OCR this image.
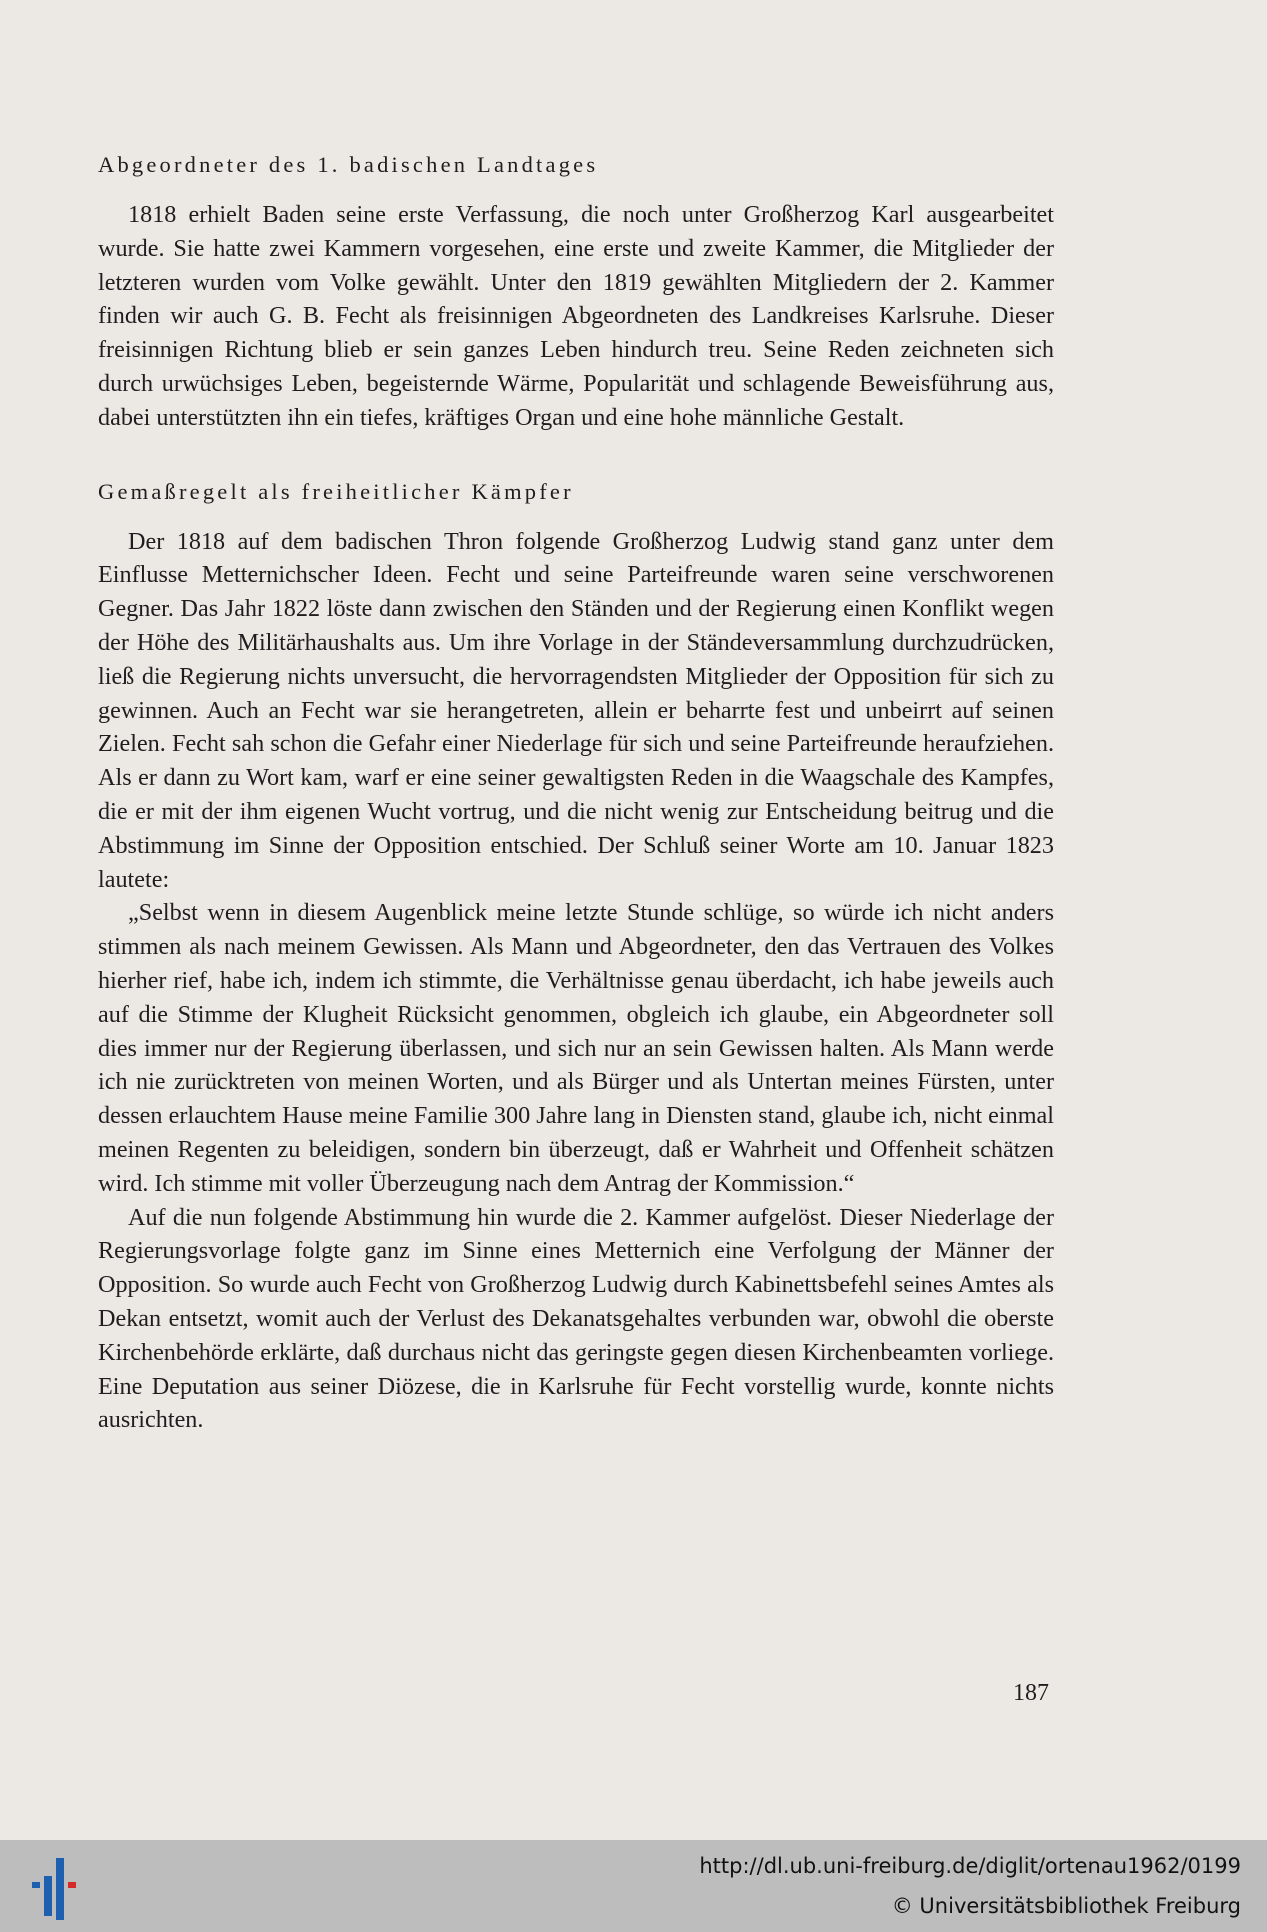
Abgeordneter des 1. badischen Landtages

1818 erhielt Baden seine erste Verfassung, die noch unter Großherzog Karl ausgearbeitet wurde. Sie hatte zwei Kammern vorgesehen, eine erste und zweite Kammer, die Mitglieder der letzteren wurden vom Volke gewählt. Unter den 1819 gewählten Mitgliedern der 2. Kammer finden wir auch G. B. Fecht als freisinnigen Abgeordneten des Landkreises Karlsruhe. Dieser freisinnigen Richtung blieb er sein ganzes Leben hindurch treu. Seine Reden zeichneten sich durch urwüchsiges Leben, begeisternde Wärme, Popularität und schlagende Beweisführung aus, dabei unterstützten ihn ein tiefes, kräftiges Organ und eine hohe männliche Gestalt.

Gemaßregelt als freiheitlicher Kämpfer

Der 1818 auf dem badischen Thron folgende Großherzog Ludwig stand ganz unter dem Einflusse Metternichscher Ideen. Fecht und seine Parteifreunde waren seine verschworenen Gegner. Das Jahr 1822 löste dann zwischen den Ständen und der Regierung einen Konflikt wegen der Höhe des Militärhaushalts aus. Um ihre Vorlage in der Ständeversammlung durchzudrücken, ließ die Regierung nichts unversucht, die hervorragendsten Mitglieder der Opposition für sich zu gewinnen. Auch an Fecht war sie herangetreten, allein er beharrte fest und unbeirrt auf seinen Zielen. Fecht sah schon die Gefahr einer Niederlage für sich und seine Parteifreunde heraufziehen. Als er dann zu Wort kam, warf er eine seiner gewaltigsten Reden in die Waagschale des Kampfes, die er mit der ihm eigenen Wucht vortrug, und die nicht wenig zur Entscheidung beitrug und die Abstimmung im Sinne der Opposition entschied. Der Schluß seiner Worte am 10. Januar 1823 lautete:

„Selbst wenn in diesem Augenblick meine letzte Stunde schlüge, so würde ich nicht anders stimmen als nach meinem Gewissen. Als Mann und Abgeordneter, den das Vertrauen des Volkes hierher rief, habe ich, indem ich stimmte, die Verhältnisse genau überdacht, ich habe jeweils auch auf die Stimme der Klugheit Rücksicht genommen, obgleich ich glaube, ein Abgeordneter soll dies immer nur der Regierung überlassen, und sich nur an sein Gewissen halten. Als Mann werde ich nie zurücktreten von meinen Worten, und als Bürger und als Untertan meines Fürsten, unter dessen erlauchtem Hause meine Familie 300 Jahre lang in Diensten stand, glaube ich, nicht einmal meinen Regenten zu beleidigen, sondern bin überzeugt, daß er Wahrheit und Offenheit schätzen wird. Ich stimme mit voller Überzeugung nach dem Antrag der Kommission.“

Auf die nun folgende Abstimmung hin wurde die 2. Kammer aufgelöst. Dieser Niederlage der Regierungsvorlage folgte ganz im Sinne eines Metternich eine Verfolgung der Männer der Opposition. So wurde auch Fecht von Großherzog Ludwig durch Kabinettsbefehl seines Amtes als Dekan entsetzt, womit auch der Verlust des Dekanatsgehaltes verbunden war, obwohl die oberste Kirchenbehörde erklärte, daß durchaus nicht das geringste gegen diesen Kirchenbeamten vorliege. Eine Deputation aus seiner Diözese, die in Karlsruhe für Fecht vorstellig wurde, konnte nichts ausrichten.

187
http://dl.ub.uni-freiburg.de/diglit/ortenau1962/0199
© Universitätsbibliothek Freiburg
